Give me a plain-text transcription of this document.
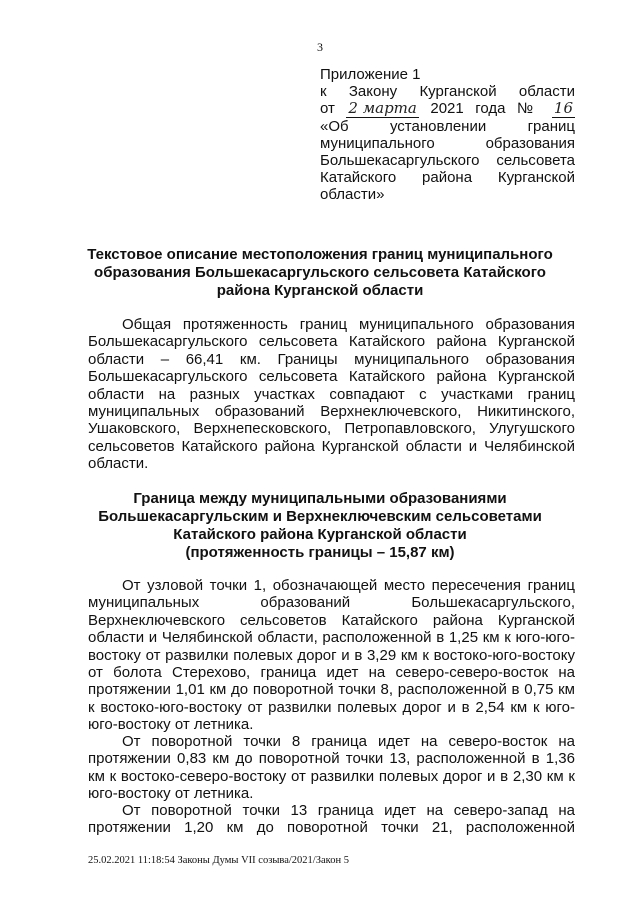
3
Приложение 1
к Закону Курганской области
от 2 марта 2021 года № 16
«Об установлении границ
муниципального образования
Большекасаргульского сельсовета
Катайского района Курганской
области»
Текстовое описание местоположения границ муниципального образования Большекасаргульского сельсовета Катайского района Курганской области
Общая протяженность границ муниципального образования Большекасаргульского сельсовета Катайского района Курганской области – 66,41 км. Границы муниципального образования Большекасаргульского сельсовета Катайского района Курганской области на разных участках совпадают с участками границ муниципальных образований Верхнеключевского, Никитинского, Ушаковского, Верхнепесковского, Петропавловского, Улугушского сельсоветов Катайского района Курганской области и Челябинской области.
Граница между муниципальными образованиями Большекасаргульским и Верхнеключевским сельсоветами Катайского района Курганской области
(протяженность границы – 15,87 км)
От узловой точки 1, обозначающей место пересечения границ муниципальных образований Большекасаргульского, Верхнеключевского сельсоветов Катайского района Курганской области и Челябинской области, расположенной в 1,25 км к юго-юго-востоку от развилки полевых дорог и в 3,29 км к востоко-юго-востоку от болота Стерехово, граница идет на северо-северо-восток на протяжении 1,01 км до поворотной точки 8, расположенной в 0,75 км к востоко-юго-востоку от развилки полевых дорог и в 2,54 км к юго-юго-востоку от летника.
От поворотной точки 8 граница идет на северо-восток на протяжении 0,83 км до поворотной точки 13, расположенной в 1,36 км к востоко-северо-востоку от развилки полевых дорог и в 2,30 км к юго-востоку от летника.
От поворотной точки 13 граница идет на северо-запад на протяжении 1,20 км до поворотной точки 21, расположенной
25.02.2021 11:18:54 Законы Думы VII созыва/2021/Закон 5
